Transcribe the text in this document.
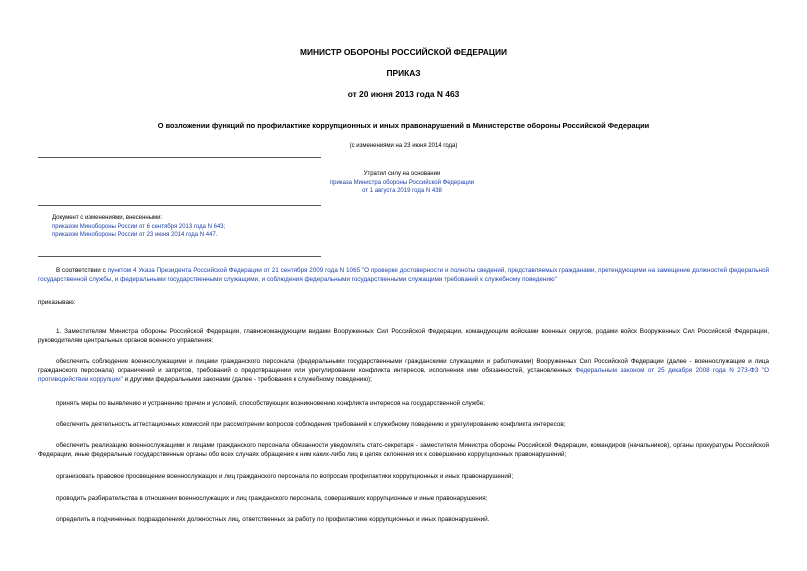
МИНИСТР ОБОРОНЫ РОССИЙСКОЙ ФЕДЕРАЦИИ
ПРИКАЗ
от 20 июня 2013 года N 463
О возложении функций по профилактике коррупционных и иных правонарушений в Министерстве обороны Российской Федерации
(с изменениями на 23 июня 2014 года)
Утратил силу на основании
приказа Министра обороны Российской Федерации
от 1 августа 2019 года N 438
Документ с изменениями, внесенными:
приказом Минобороны России от 6 сентября 2013 года N 643;
приказом Минобороны России от 23 июня 2014 года N 447.
В соответствии с пунктом 4 Указа Президента Российской Федерации от 21 сентября 2009 года N 1065 "О проверке достоверности и полноты сведений, представляемых гражданами, претендующими на замещение должностей федеральной государственной службы, и федеральными государственными служащими, и соблюдения федеральными государственными служащими требований к служебному поведению"
приказываю:
1. Заместителям Министра обороны Российской Федерации, главнокомандующим видами Вооруженных Сил Российской Федерации, командующим войсками военных округов, родами войск Вооруженных Сил Российской Федерации, руководителям центральных органов военного управления:
обеспечить соблюдение военнослужащими и лицами гражданского персонала (федеральными государственными гражданскими служащими и работниками) Вооруженных Сил Российской Федерации (далее - военнослужащие и лица гражданского персонала) ограничений и запретов, требований о предотвращении или урегулировании конфликта интересов, исполнения ими обязанностей, установленных Федеральным законом от 25 декабря 2008 года N 273-ФЗ "О противодействии коррупции" и другими федеральными законами (далее - требования к служебному поведению);
принять меры по выявлению и устранению причин и условий, способствующих возникновению конфликта интересов на государственной службе;
обеспечить деятельность аттестационных комиссий при рассмотрении вопросов соблюдения требований к служебному поведению и урегулированию конфликта интересов;
обеспечить реализацию военнослужащими и лицами гражданского персонала обязанности уведомлять статс-секретаря - заместителя Министра обороны Российской Федерации, командиров (начальников), органы прокуратуры Российской Федерации, иные федеральные государственные органы обо всех случаях обращения к ним каких-либо лиц в целях склонения их к совершению коррупционных правонарушений;
организовать правовое просвещение военнослужащих и лиц гражданского персонала по вопросам профилактики коррупционных и иных правонарушений;
проводить разбирательства в отношении военнослужащих и лиц гражданского персонала, совершивших коррупционные и иные правонарушения;
определить в подчиненных подразделениях должностных лиц, ответственных за работу по профилактике коррупционных и иных правонарушений.
